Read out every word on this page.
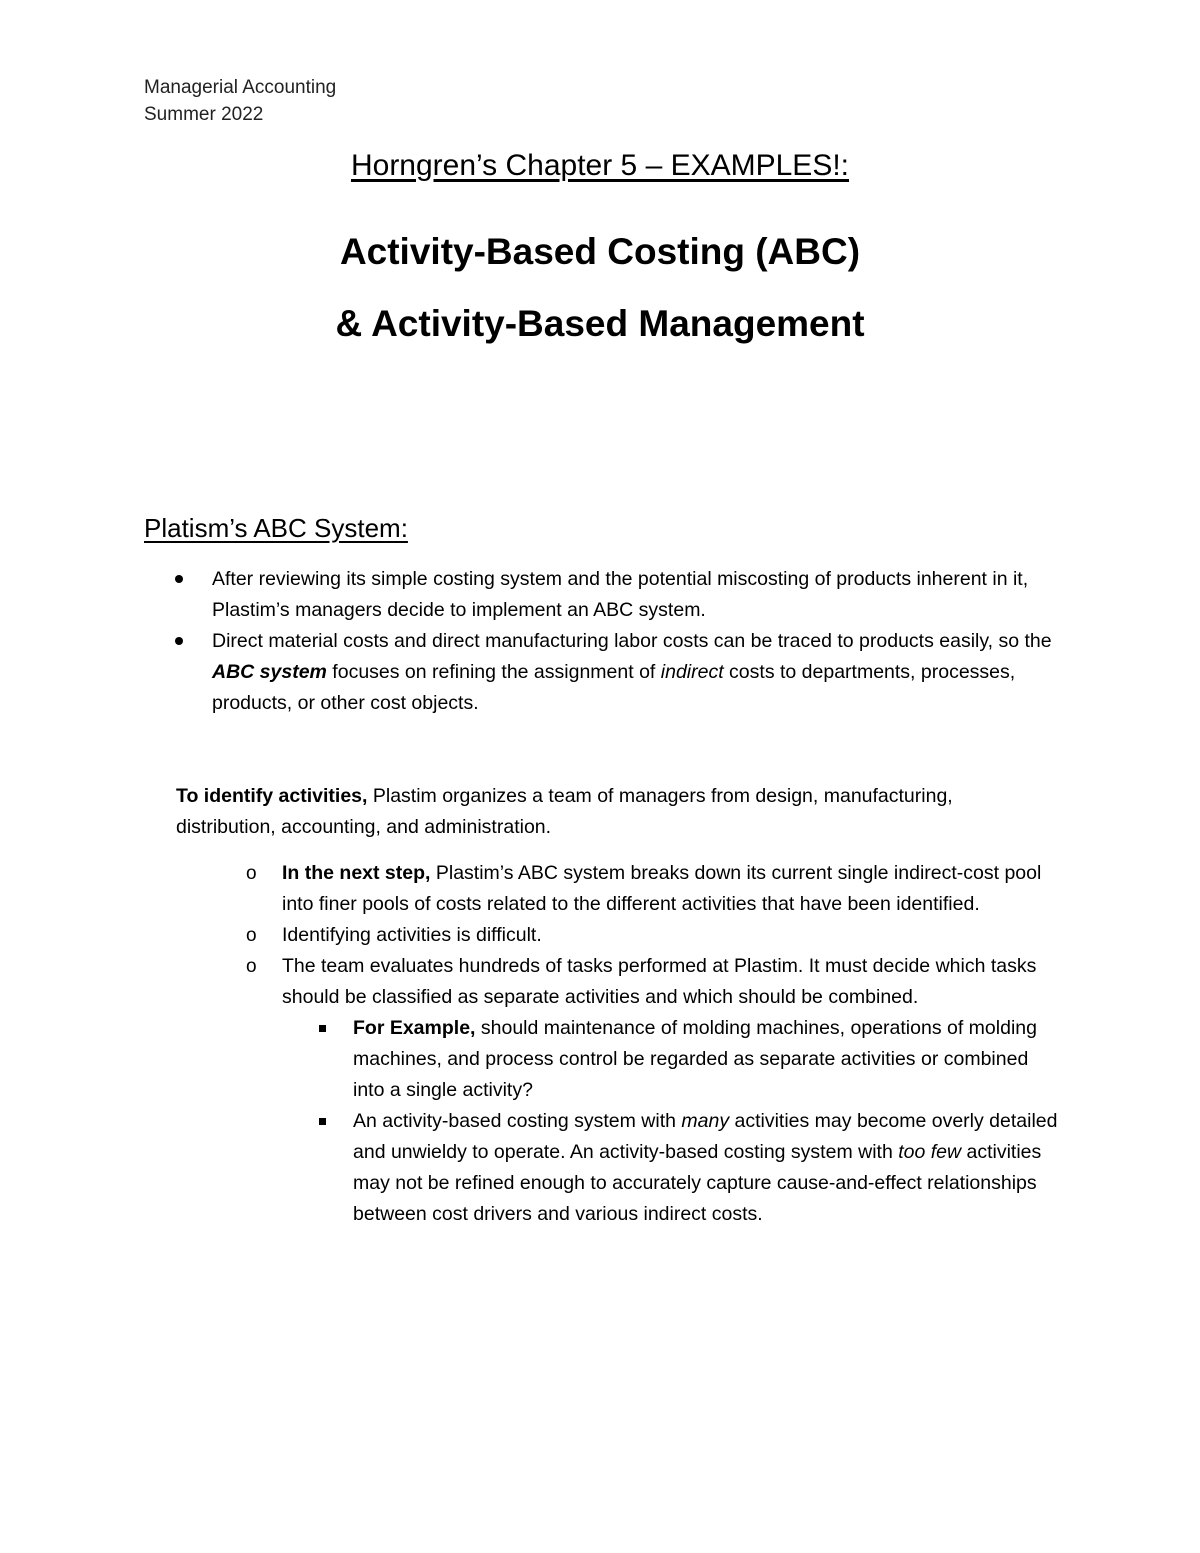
Managerial Accounting
Summer 2022
Horngren’s Chapter 5 – EXAMPLES!:
Activity-Based Costing (ABC)
& Activity-Based Management
Platism’s ABC System:
After reviewing its simple costing system and the potential miscosting of products inherent in it, Plastim’s managers decide to implement an ABC system.
Direct material costs and direct manufacturing labor costs can be traced to products easily, so the ABC system focuses on refining the assignment of indirect costs to departments, processes, products, or other cost objects.
To identify activities, Plastim organizes a team of managers from design, manufacturing, distribution, accounting, and administration.
o In the next step, Plastim’s ABC system breaks down its current single indirect-cost pool into finer pools of costs related to the different activities that have been identified.
o Identifying activities is difficult.
o The team evaluates hundreds of tasks performed at Plastim. It must decide which tasks should be classified as separate activities and which should be combined.
For Example, should maintenance of molding machines, operations of molding machines, and process control be regarded as separate activities or combined into a single activity?
An activity-based costing system with many activities may become overly detailed and unwieldy to operate. An activity-based costing system with too few activities may not be refined enough to accurately capture cause-and-effect relationships between cost drivers and various indirect costs.
